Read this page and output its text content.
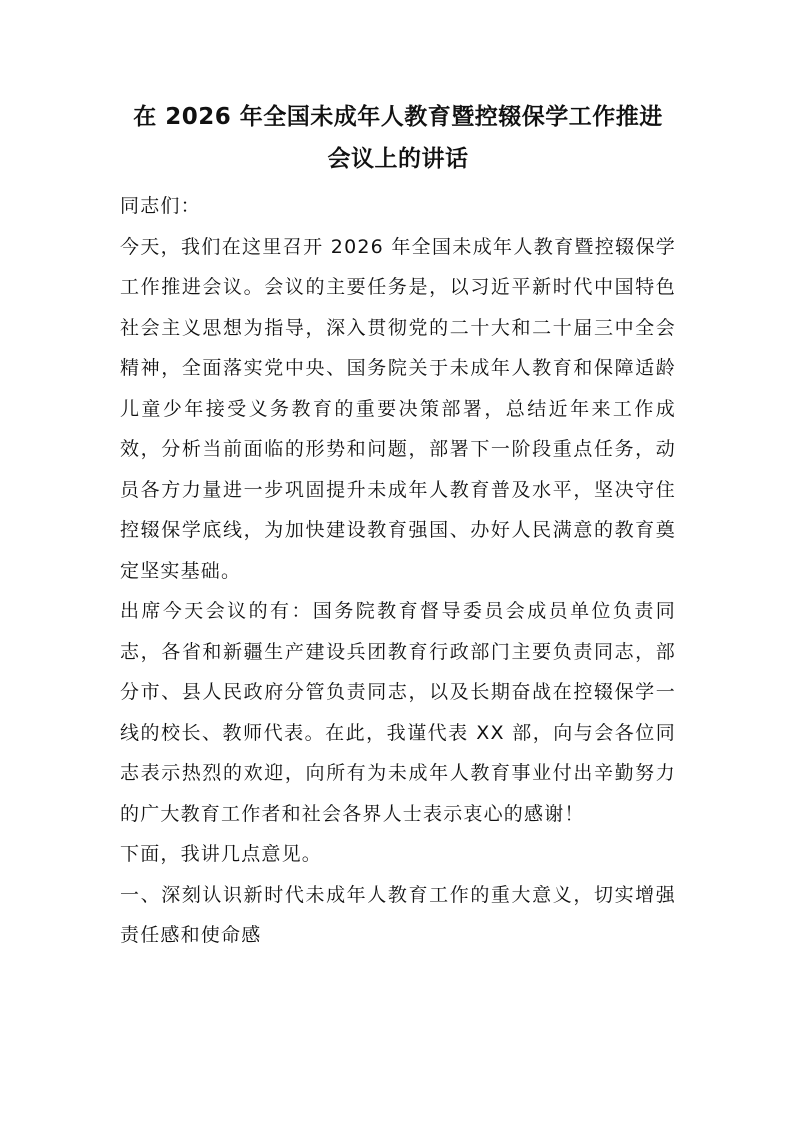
在 2026 年全国未成年人教育暨控辍保学工作推进
会议上的讲话

同志们：

今天，我们在这里召开 2026 年全国未成年人教育暨控辍保学工作推进会议。会议的主要任务是，以习近平新时代中国特色社会主义思想为指导，深入贯彻党的二十大和二十届三中全会精神，全面落实党中央、国务院关于未成年人教育和保障适龄儿童少年接受义务教育的重要决策部署，总结近年来工作成效，分析当前面临的形势和问题，部署下一阶段重点任务，动员各方力量进一步巩固提升未成年人教育普及水平，坚决守住控辍保学底线，为加快建设教育强国、办好人民满意的教育奠定坚实基础。

出席今天会议的有：国务院教育督导委员会成员单位负责同志，各省和新疆生产建设兵团教育行政部门主要负责同志，部分市、县人民政府分管负责同志，以及长期奋战在控辍保学一线的校长、教师代表。在此，我谨代表 XX 部，向与会各位同志表示热烈的欢迎，向所有为未成年人教育事业付出辛勤努力的广大教育工作者和社会各界人士表示衷心的感谢！

下面，我讲几点意见。

一、深刻认识新时代未成年人教育工作的重大意义，切实增强责任感和使命感
